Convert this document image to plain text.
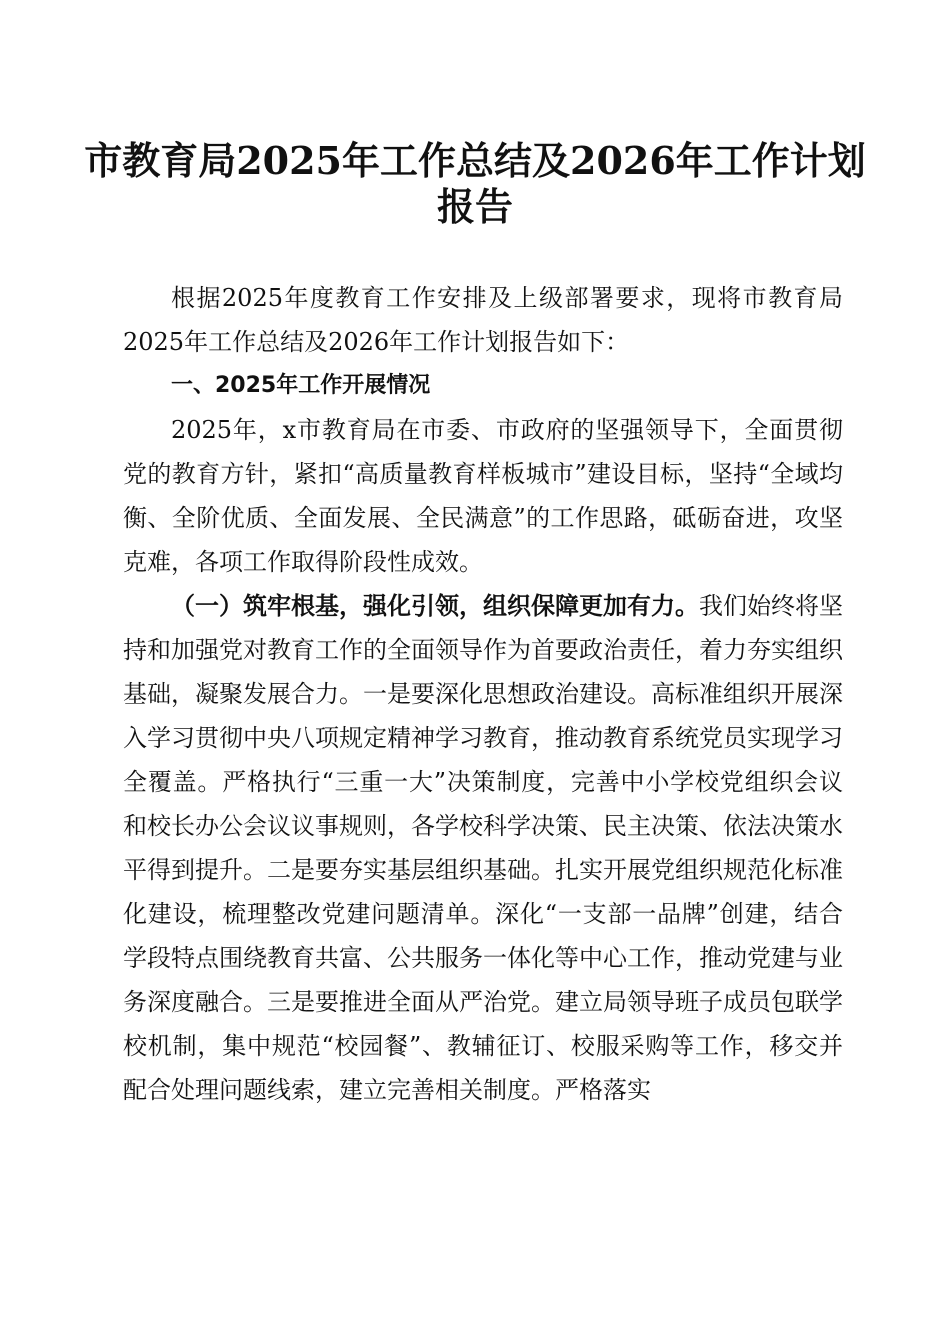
市教育局2025年工作总结及2026年工作计划
报告

根据2025年度教育工作安排及上级部署要求，现将市教育局2025年工作总结及2026年工作计划报告如下：

一、2025年工作开展情况

2025年，x市教育局在市委、市政府的坚强领导下，全面贯彻党的教育方针，紧扣“高质量教育样板城市”建设目标，坚持“全域均衡、全阶优质、全面发展、全民满意”的工作思路，砥砺奋进，攻坚克难，各项工作取得阶段性成效。

（一）筑牢根基，强化引领，组织保障更加有力。我们始终将坚持和加强党对教育工作的全面领导作为首要政治责任，着力夯实组织基础，凝聚发展合力。一是要深化思想政治建设。高标准组织开展深入学习贯彻中央八项规定精神学习教育，推动教育系统党员实现学习全覆盖。严格执行“三重一大”决策制度，完善中小学校党组织会议和校长办公会议议事规则，各学校科学决策、民主决策、依法决策水平得到提升。二是要夯实基层组织基础。扎实开展党组织规范化标准化建设，梳理整改党建问题清单。深化“一支部一品牌”创建，结合学段特点围绕教育共富、公共服务一体化等中心工作，推动党建与业务深度融合。三是要推进全面从严治党。建立局领导班子成员包联学校机制，集中规范“校园餐”、教辅征订、校服采购等工作，移交并配合处理问题线索，建立完善相关制度。严格落实
